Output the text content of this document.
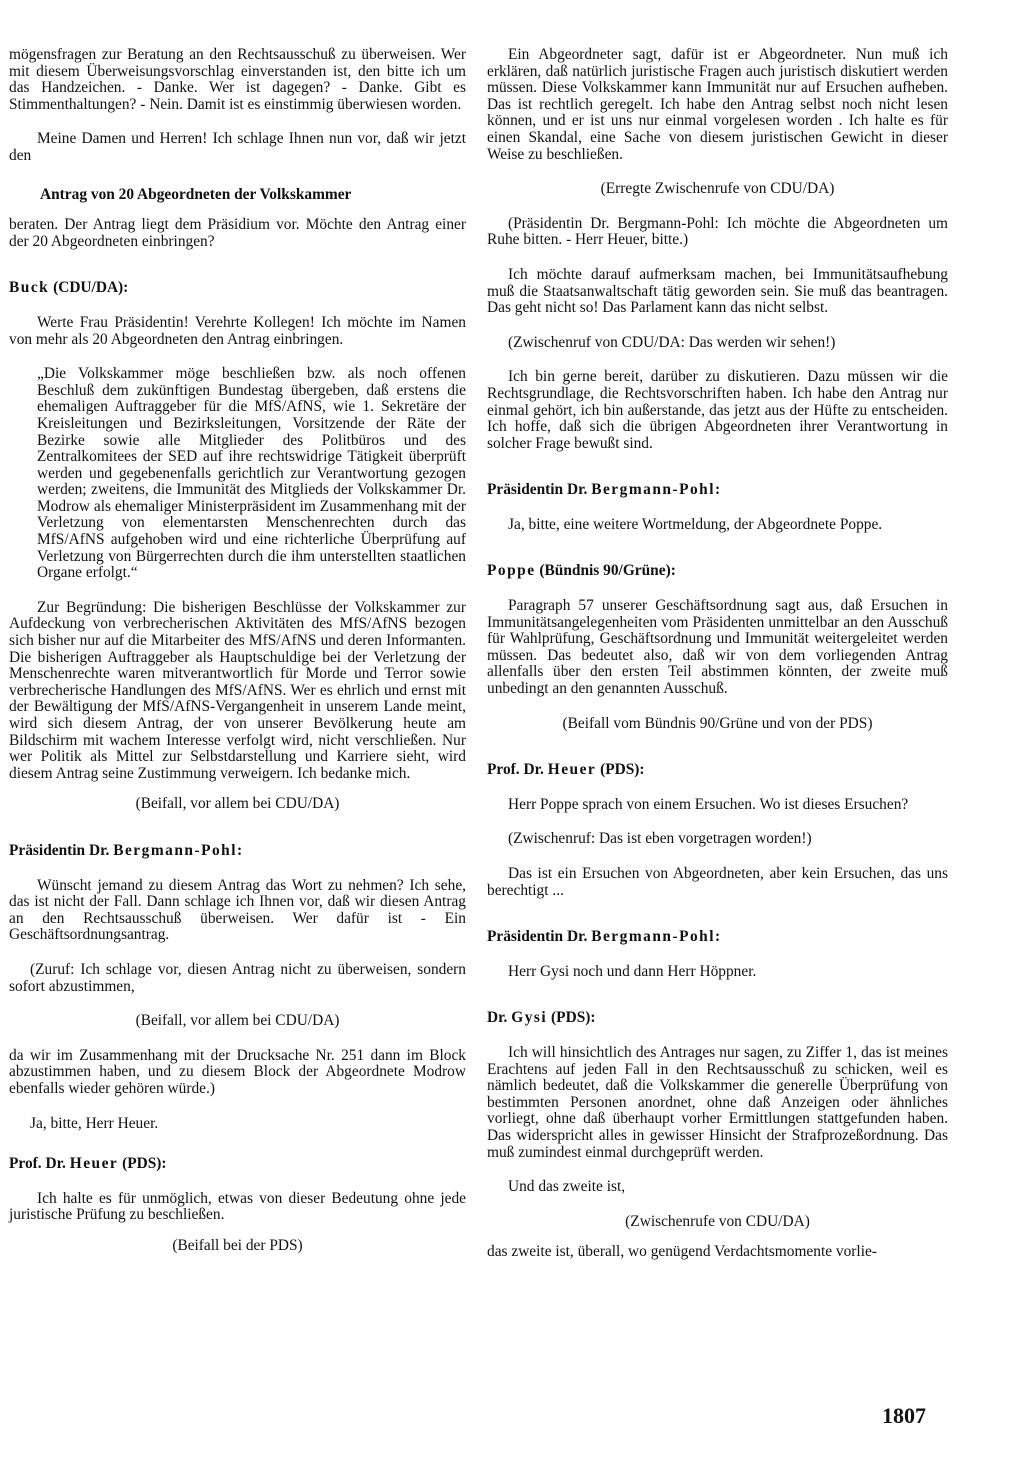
mögensfragen zur Beratung an den Rechtsausschuß zu überweisen. Wer mit diesem Überweisungsvorschlag einverstanden ist, den bitte ich um das Handzeichen. - Danke. Wer ist dagegen? - Danke. Gibt es Stimmenthaltungen? - Nein. Damit ist es einstimmig überwiesen worden.

Meine Damen und Herren! Ich schlage Ihnen nun vor, daß wir jetzt den

Antrag von 20 Abgeordneten der Volkskammer

beraten. Der Antrag liegt dem Präsidium vor. Möchte den Antrag einer der 20 Abgeordneten einbringen?

Buck (CDU/DA):

Werte Frau Präsidentin! Verehrte Kollegen! Ich möchte im Namen von mehr als 20 Abgeordneten den Antrag einbringen.

„Die Volkskammer möge beschließen bzw. als noch offenen Beschluß dem zukünftigen Bundestag übergeben, daß erstens die ehemaligen Auftraggeber für die MfS/AfNS, wie 1. Sekretäre der Kreisleitungen und Bezirksleitungen, Vorsitzende der Räte der Bezirke sowie alle Mitglieder des Politbüros und des Zentralkomitees der SED auf ihre rechtswidrige Tätigkeit überprüft werden und gegebenenfalls gerichtlich zur Verantwortung gezogen werden; zweitens, die Immunität des Mitglieds der Volkskammer Dr. Modrow als ehemaliger Ministerpräsident im Zusammenhang mit der Verletzung von elementarsten Menschenrechten durch das MfS/AfNS aufgehoben wird und eine richterliche Überprüfung auf Verletzung von Bürgerrechten durch die ihm unterstellten staatlichen Organe erfolgt.“

Zur Begründung: Die bisherigen Beschlüsse der Volkskammer zur Aufdeckung von verbrecherischen Aktivitäten des MfS/AfNS bezogen sich bisher nur auf die Mitarbeiter des MfS/AfNS und deren Informanten. Die bisherigen Auftraggeber als Hauptschuldige bei der Verletzung der Menschenrechte waren mitverantwortlich für Morde und Terror sowie verbrecherische Handlungen des MfS/AfNS. Wer es ehrlich und ernst mit der Bewältigung der MfS/AfNS-Vergangenheit in unserem Lande meint, wird sich diesem Antrag, der von unserer Bevölkerung heute am Bildschirm mit wachem Interesse verfolgt wird, nicht verschließen. Nur wer Politik als Mittel zur Selbstdarstellung und Karriere sieht, wird diesem Antrag seine Zustimmung verweigern. Ich bedanke mich.

(Beifall, vor allem bei CDU/DA)

Präsidentin Dr. Bergmann-Pohl:

Wünscht jemand zu diesem Antrag das Wort zu nehmen? Ich sehe, das ist nicht der Fall. Dann schlage ich Ihnen vor, daß wir diesen Antrag an den Rechtsausschuß überweisen. Wer dafür ist - Ein Geschäftsordnungsantrag.

(Zuruf: Ich schlage vor, diesen Antrag nicht zu überweisen, sondern sofort abzustimmen,

(Beifall, vor allem bei CDU/DA)

da wir im Zusammenhang mit der Drucksache Nr. 251 dann im Block abzustimmen haben, und zu diesem Block der Abgeordnete Modrow ebenfalls wieder gehören würde.)

Ja, bitte, Herr Heuer.

Prof. Dr. Heuer (PDS):

Ich halte es für unmöglich, etwas von dieser Bedeutung ohne jede juristische Prüfung zu beschließen.

(Beifall bei der PDS)

Ein Abgeordneter sagt, dafür ist er Abgeordneter. Nun muß ich erklären, daß natürlich juristische Fragen auch juristisch diskutiert werden müssen. Diese Volkskammer kann Immunität nur auf Ersuchen aufheben. Das ist rechtlich geregelt. Ich habe den Antrag selbst noch nicht lesen können, und er ist uns nur einmal vorgelesen worden . Ich halte es für einen Skandal, eine Sache von diesem juristischen Gewicht in dieser Weise zu beschließen.

(Erregte Zwischenrufe von CDU/DA)

(Präsidentin Dr. Bergmann-Pohl: Ich möchte die Abgeordneten um Ruhe bitten. - Herr Heuer, bitte.)

Ich möchte darauf aufmerksam machen, bei Immunitätsaufhebung muß die Staatsanwaltschaft tätig geworden sein. Sie muß das beantragen. Das geht nicht so! Das Parlament kann das nicht selbst.

(Zwischenruf von CDU/DA: Das werden wir sehen!)

Ich bin gerne bereit, darüber zu diskutieren. Dazu müssen wir die Rechtsgrundlage, die Rechtsvorschriften haben. Ich habe den Antrag nur einmal gehört, ich bin außerstande, das jetzt aus der Hüfte zu entscheiden. Ich hoffe, daß sich die übrigen Abgeordneten ihrer Verantwortung in solcher Frage bewußt sind.

Präsidentin Dr. Bergmann-Pohl:

Ja, bitte, eine weitere Wortmeldung, der Abgeordnete Poppe.

Poppe (Bündnis 90/Grüne):

Paragraph 57 unserer Geschäftsordnung sagt aus, daß Ersuchen in Immunitätsangelegenheiten vom Präsidenten unmittelbar an den Ausschuß für Wahlprüfung, Geschäftsordnung und Immunität weitergeleitet werden müssen. Das bedeutet also, daß wir von dem vorliegenden Antrag allenfalls über den ersten Teil abstimmen könnten, der zweite muß unbedingt an den genannten Ausschuß.

(Beifall vom Bündnis 90/Grüne und von der PDS)

Prof. Dr. Heuer (PDS):

Herr Poppe sprach von einem Ersuchen. Wo ist dieses Ersuchen?

(Zwischenruf: Das ist eben vorgetragen worden!)

Das ist ein Ersuchen von Abgeordneten, aber kein Ersuchen, das uns berechtigt ...

Präsidentin Dr. Bergmann-Pohl:

Herr Gysi noch und dann Herr Höppner.

Dr. Gysi (PDS):

Ich will hinsichtlich des Antrages nur sagen, zu Ziffer 1, das ist meines Erachtens auf jeden Fall in den Rechtsausschuß zu schicken, weil es nämlich bedeutet, daß die Volkskammer die generelle Überprüfung von bestimmten Personen anordnet, ohne daß Anzeigen oder ähnliches vorliegt, ohne daß überhaupt vorher Ermittlungen stattgefunden haben. Das widerspricht alles in gewisser Hinsicht der Strafprozeßordnung. Das muß zumindest einmal durchgeprüft werden.

Und das zweite ist,

(Zwischenrufe von CDU/DA)

das zweite ist, überall, wo genügend Verdachtsmomente vorlie-

1807
